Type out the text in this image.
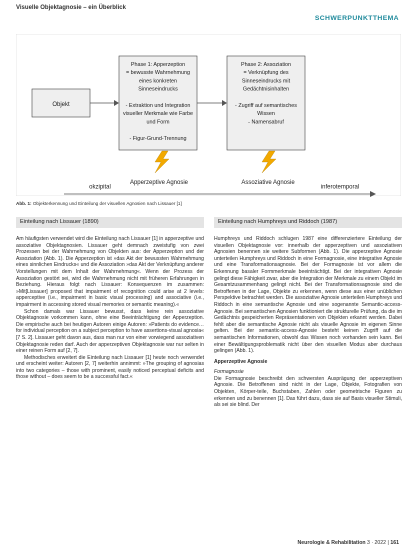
Visuelle Objektagnosie – ein Überblick
SCHWERPUNKTTHEMA
Objekt
Phase 1: Apperzeption
= bewusste Wahrnehmung
eines konkreten
Sinneseindrucks
- Extraktion und Integration
visueller Merkmale wie Farbe
und Form
- Figur-Grund-Trennung
Phase 2: Assoziation
= Verknüpfung des
Sinneseindrucks mit
Gedächtnisinhalten
- Zugriff auf semantisches
Wissen
- Namensabruf
Apperzeptive Agnosie	Assoziative Agnosie
okzipital	inferotemporal
Abb. 1: Objekterkennung und Einteilung der visuellen Agnosien nach Lissauer [1]
Einteilung nach Lissauer (1890)	Einteilung nach Humphreys und Riddoch (1987)

Am häufigsten verwendet wird die Einteilung nach Lissauer [1] in apperzeptive und assoziative Objektagnosien. Lissauer geht demnach zweistufig von zwei Prozessen bei der Wahrnehmung von Objekten aus: der Apperzeption und der Assoziation (Abb. 1). Die Apperzeption ist »das Akt der bewussten Wahrnehmung eines sinnlichen Eindrucks« und die Assoziation »das Akt der Verknüpfung anderer Vorstellungen mit dem Inhalt der Wahrnehmung«. Wenn der Prozess der Assoziation gestört sei, wird die Wahrnehmung nicht mit früheren Erfahrungen in Beziehung. Hieraus folgt nach Lissauer: Konsequenzen im zusammen: »Mit[Lissauer] proposed that impairment of recognition could arise at 2 levels: apperceptive (i.e., impairment in basic visual processing) and associative (i.e., impairment in accessing stored visual memories or semantic meaning).«

Schon damals war Lissauer bewusst, dass keine rein assoziative Objektagnosie vorkommen kann, ohne eine Beeinträchtigung der Apperzeption. Die empirische auch bei heutigen Autoren einige Autoren: »Patients do evidence… for individual perception on a subject perception to have assertions-visual agnosia« [7 S. 2]. Lissauer geht davon aus, dass man nur von einer vorwiegend assoziativen Objektagnosie reden darf. Auch der apperzeptiven Objektagnosie war nur selten in einer reinen Form auf [2, 7].

Methodisches erweitert die Einteilung nach Lissauer [1] heute noch verwendet und erscheint weiter: Autoren [2, 7] weiterhin annimmt: »The grouping of agnosias into two categories – those with prominent, easily noticed perceptual deficits and those without – does seem to be a successful fact.«

Humphreys und Riddoch schlugen 1987 eine differenziertere Einteilung der visuellen Objektagnosie vor: innerhalb der apperzeptiven und assoziativen Agnosien benennen sie weitere Subformen (Abb. 1). Die apperzeptive Agnosie unterteilen Humphreys und Riddoch in eine Formagnosie, eine integrative Agnosie und eine Transformationsagnosie. Bei der Formagnosie ist vor allem die Erkennung basaler Formmerkmale beeinträchtigt. Bei der integrativen Agnosie gelingt diese Fähigkeit zwar, aber die Integration der Merkmale zu einem Objekt im Gesamtzusammenhang gelingt nicht. Bei der Transformationsagnosie sind die Betroffenen in der Lage, Objekte zu erkennen, wenn diese aus einer unüblichen Perspektive betrachtet werden. Die assoziative Agnosie unterteilen Humphreys und Riddoch in eine semantische Agnosie und eine sogenannte Semantic-access-Agnosie. Bei semantischen Agnosien funktioniert die strukturelle Prüfung, da die im Gedächtnis gespeicherten Repräsentationen von Objekten erkannt werden. Dabei fehlt aber die semantische Agnosie nicht als visuelle Agnosie im eigenen Sinne gelten. Bei der semantic-access-Agnosie besteht keinen Zugriff auf die semantischen Informationen, obwohl das Wissen noch vorhanden sein kann. Bei einer Bewältigungsproblematik nicht über den visuellen Modus aber durchaus gelingen (Abb. 1).

Apperzeptive Agnosie

Formagnosie

Die Formagnosie beschreibt den schwersten Ausprägung der apperzeptiven Agnosie. Die Betroffenen sind nicht in der Lage, Objekte, Fotografien von Objekten, Körper-teile, Buchstaben, Zahlen oder geometrische Figuren zu erkennen und zu benennen [1]. Das führt dazu, dass sie auf Basis visueller Stimuli, als sei sie blind. Der

Neurologie & Rehabilitation 3 · 2022 | 161
